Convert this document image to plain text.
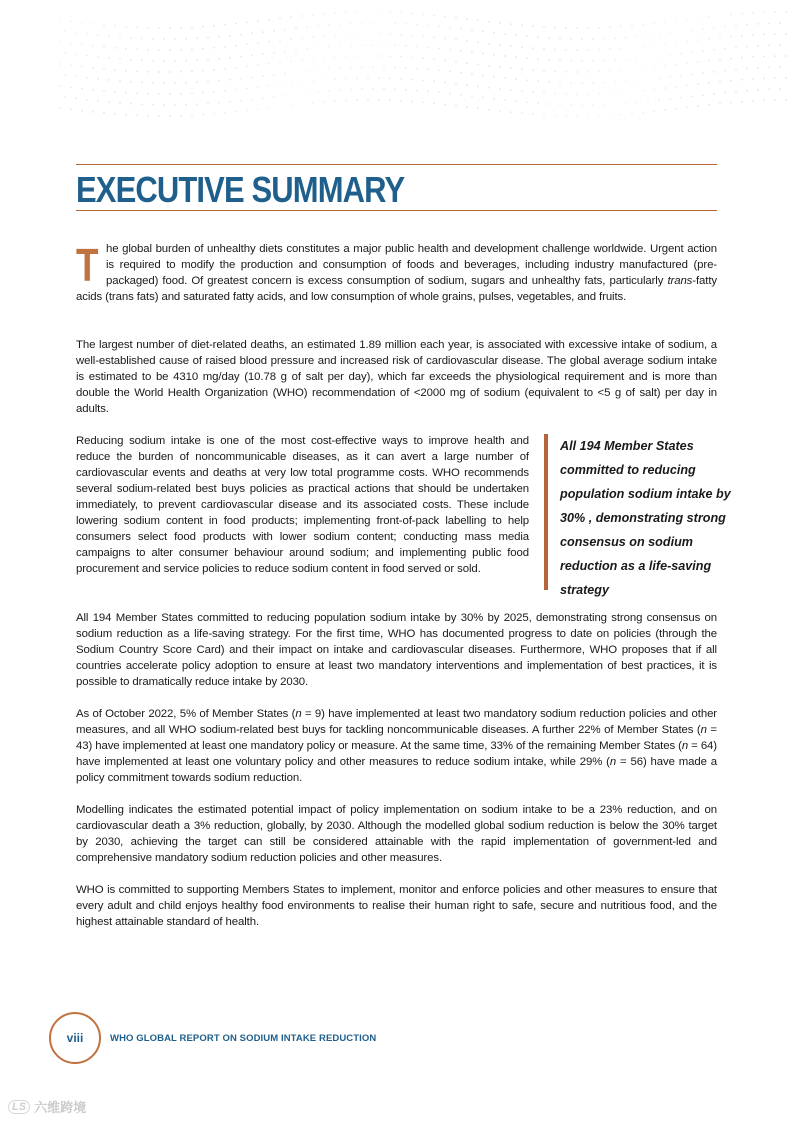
EXECUTIVE SUMMARY

The global burden of unhealthy diets constitutes a major public health and development challenge worldwide. Urgent action is required to modify the production and consumption of foods and beverages, including industry manufactured (pre-packaged) food. Of greatest concern is excess consumption of sodium, sugars and unhealthy fats, particularly trans-fatty acids (trans fats) and saturated fatty acids, and low consumption of whole grains, pulses, vegetables, and fruits.

The largest number of diet-related deaths, an estimated 1.89 million each year, is associated with excessive intake of sodium, a well-established cause of raised blood pressure and increased risk of cardiovascular disease. The global average sodium intake is estimated to be 4310 mg/day (10.78 g of salt per day), which far exceeds the physiological requirement and is more than double the World Health Organization (WHO) recommendation of <2000 mg of sodium (equivalent to <5 g of salt) per day in adults.

Reducing sodium intake is one of the most cost-effective ways to improve health and reduce the burden of noncommunicable diseases, as it can avert a large number of cardiovascular events and deaths at very low total programme costs. WHO recommends several sodium-related best buys policies as practical actions that should be undertaken immediately, to prevent cardiovascular disease and its associated costs. These include lowering sodium content in food products; implementing front-of-pack labelling to help consumers select food products with lower sodium content; conducting mass media campaigns to alter consumer behaviour around sodium; and implementing public food procurement and service policies to reduce sodium content in food served or sold.

All 194 Member States committed to reducing population sodium intake by 30% , demonstrating strong consensus on sodium reduction as a life-saving strategy

All 194 Member States committed to reducing population sodium intake by 30% by 2025, demonstrating strong consensus on sodium reduction as a life-saving strategy. For the first time, WHO has documented progress to date on policies (through the Sodium Country Score Card) and their impact on intake and cardiovascular diseases. Furthermore, WHO proposes that if all countries accelerate policy adoption to ensure at least two mandatory interventions and implementation of best practices, it is possible to dramatically reduce intake by 2030.

As of October 2022, 5% of Member States (n = 9) have implemented at least two mandatory sodium reduction policies and other measures, and all WHO sodium-related best buys for tackling noncommunicable diseases. A further 22% of Member States (n = 43) have implemented at least one mandatory policy or measure. At the same time, 33% of the remaining Member States (n = 64) have implemented at least one voluntary policy and other measures to reduce sodium intake, while 29% (n = 56) have made a policy commitment towards sodium reduction.

Modelling indicates the estimated potential impact of policy implementation on sodium intake to be a 23% reduction, and on cardiovascular death a 3% reduction, globally, by 2030. Although the modelled global sodium reduction is below the 30% target by 2030, achieving the target can still be considered attainable with the rapid implementation of government-led and comprehensive mandatory sodium reduction policies and other measures.

WHO is committed to supporting Members States to implement, monitor and enforce policies and other measures to ensure that every adult and child enjoys healthy food environments to realise their human right to safe, secure and nutritious food, and the highest attainable standard of health.

viii	WHO GLOBAL REPORT ON SODIUM INTAKE REDUCTION
LS 六维跨境
